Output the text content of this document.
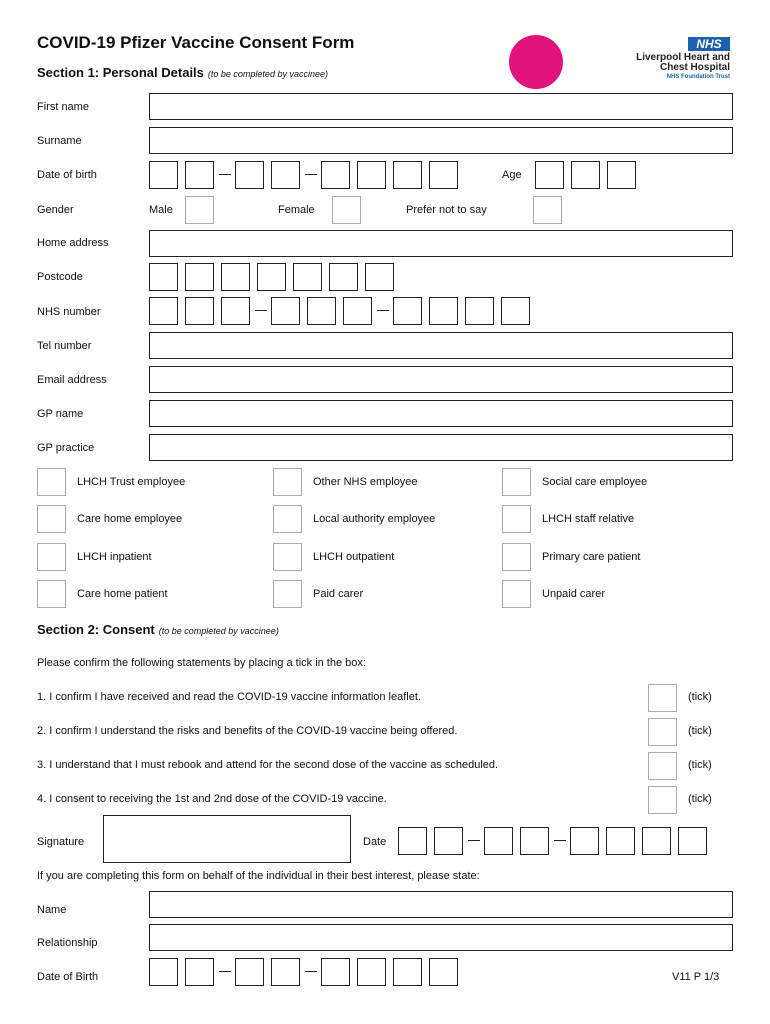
COVID-19 Pfizer Vaccine Consent Form
Section 1: Personal Details (to be completed by vaccinee)
NHS
Liverpool Heart and
Chest Hospital
NHS Foundation Trust
First name
Surname
Date of birth	Age
Gender	Male	Female	Prefer not to say
Home address
Postcode
NHS number
Tel number
Email address
GP name
GP practice
Section 2: Consent (to be completed by vaccinee)
Please confirm the following statements by placing a tick in the box:
Signature	Date
If you are completing this form on behalf of the individual in their best interest, please state:
Name
Relationship
Date of Birth	V11 P 1/3
LHCH Trust employee	Other NHS employee	Social care employee
Care home employee	Local authority employee	LHCH staff relative
LHCH inpatient	LHCH outpatient	Primary care patient
Care home patient	Paid carer	Unpaid carer
1. I confirm I have received and read the COVID-19 vaccine information leaflet.	(tick)
2. I confirm I understand the risks and benefits of the COVID-19 vaccine being offered.	(tick)
3. I understand that I must rebook and attend for the second dose of the vaccine as scheduled.	(tick)
4. I consent to receiving the 1st and 2nd dose of the COVID-19 vaccine.	(tick)
